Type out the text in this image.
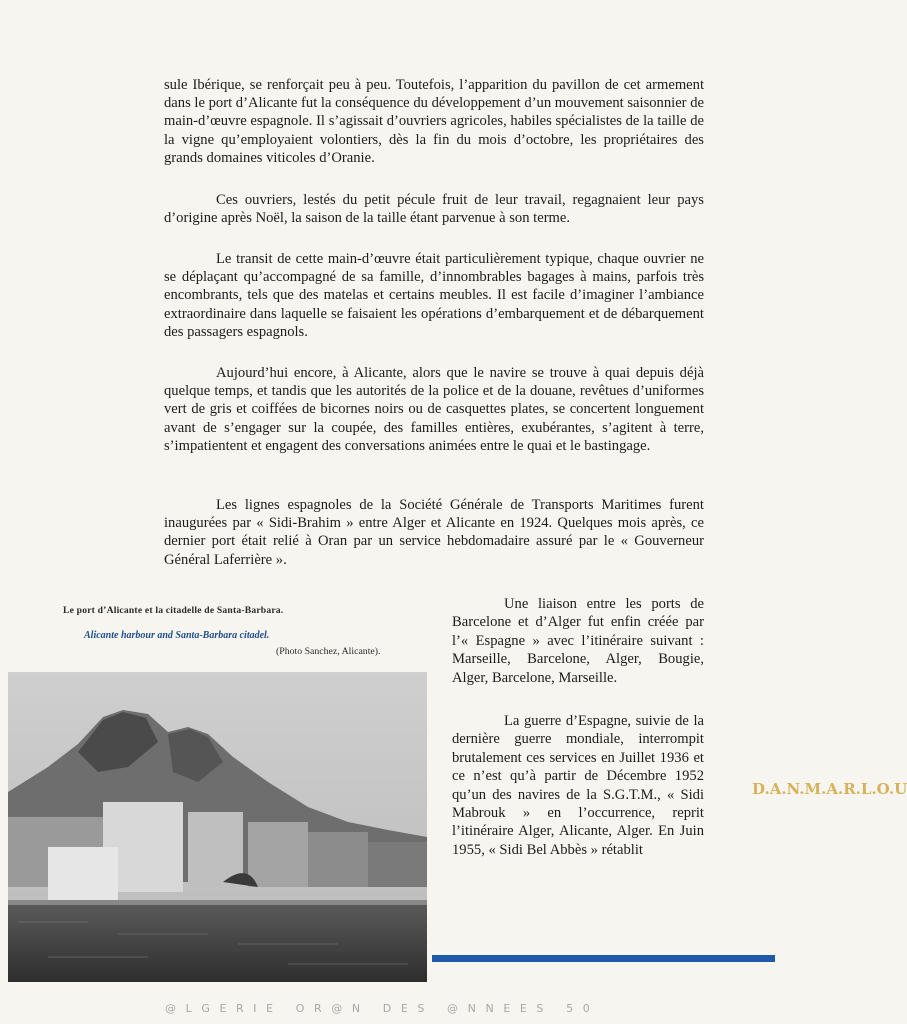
sule Ibérique, se renforçait peu à peu. Toutefois, l’apparition du pavillon de cet armement dans le port d’Alicante fut la conséquence du développement d’un mouvement saisonnier de main-d’œuvre espagnole. Il s’agissait d’ouvriers agricoles, habiles spécialistes de la taille de la vigne qu’employaient volontiers, dès la fin du mois d’octobre, les propriétaires des grands domaines viticoles d’Oranie.

Ces ouvriers, lestés du petit pécule fruit de leur travail, regagnaient leur pays d’origine après Noël, la saison de la taille étant parvenue à son terme.

Le transit de cette main-d’œuvre était particulièrement typique, chaque ouvrier ne se déplaçant qu’accompagné de sa famille, d’innombrables bagages à mains, parfois très encombrants, tels que des matelas et certains meubles. Il est facile d’imaginer l’ambiance extraordinaire dans laquelle se faisaient les opérations d’embarquement et de débarquement des passagers espagnols.

Aujourd’hui encore, à Alicante, alors que le navire se trouve à quai depuis déjà quelque temps, et tandis que les autorités de la police et de la douane, revêtues d’uniformes vert de gris et coiffées de bicornes noirs ou de casquettes plates, se concertent longuement avant de s’engager sur la coupée, des familles entières, exubérantes, s’agitent à terre, s’impatientent et engagent des conversations animées entre le quai et le bastingage.

Les lignes espagnoles de la Société Générale de Transports Maritimes furent inaugurées par « Sidi-Brahim » entre Alger et Alicante en 1924. Quelques mois après, ce dernier port était relié à Oran par un service hebdomadaire assuré par le « Gouverneur Général Laferrière ».

Le port d’Alicante et la citadelle de Santa-Barbara.
Alicante harbour and Santa-Barbara citadel.
(Photo Sanchez, Alicante).

Une liaison entre les ports de Barcelone et d’Alger fut enfin créée par l’« Espagne » avec l’itinéraire suivant : Marseille, Barcelone, Alger, Bougie, Alger, Barcelone, Marseille.

La guerre d’Espagne, suivie de la dernière guerre mondiale, interrompit brutalement ces services en Juillet 1936 et ce n’est qu’à partir de Décembre 1952 qu’un des navires de la S.G.T.M., « Sidi Mabrouk » en l’occurrence, reprit l’itinéraire Alger, Alicante, Alger. En Juin 1955, « Sidi Bel Abbès » rétablit

D.A.N.M.A.R.L.O.U
@LGERIE OR@N DES @NNEES 50
